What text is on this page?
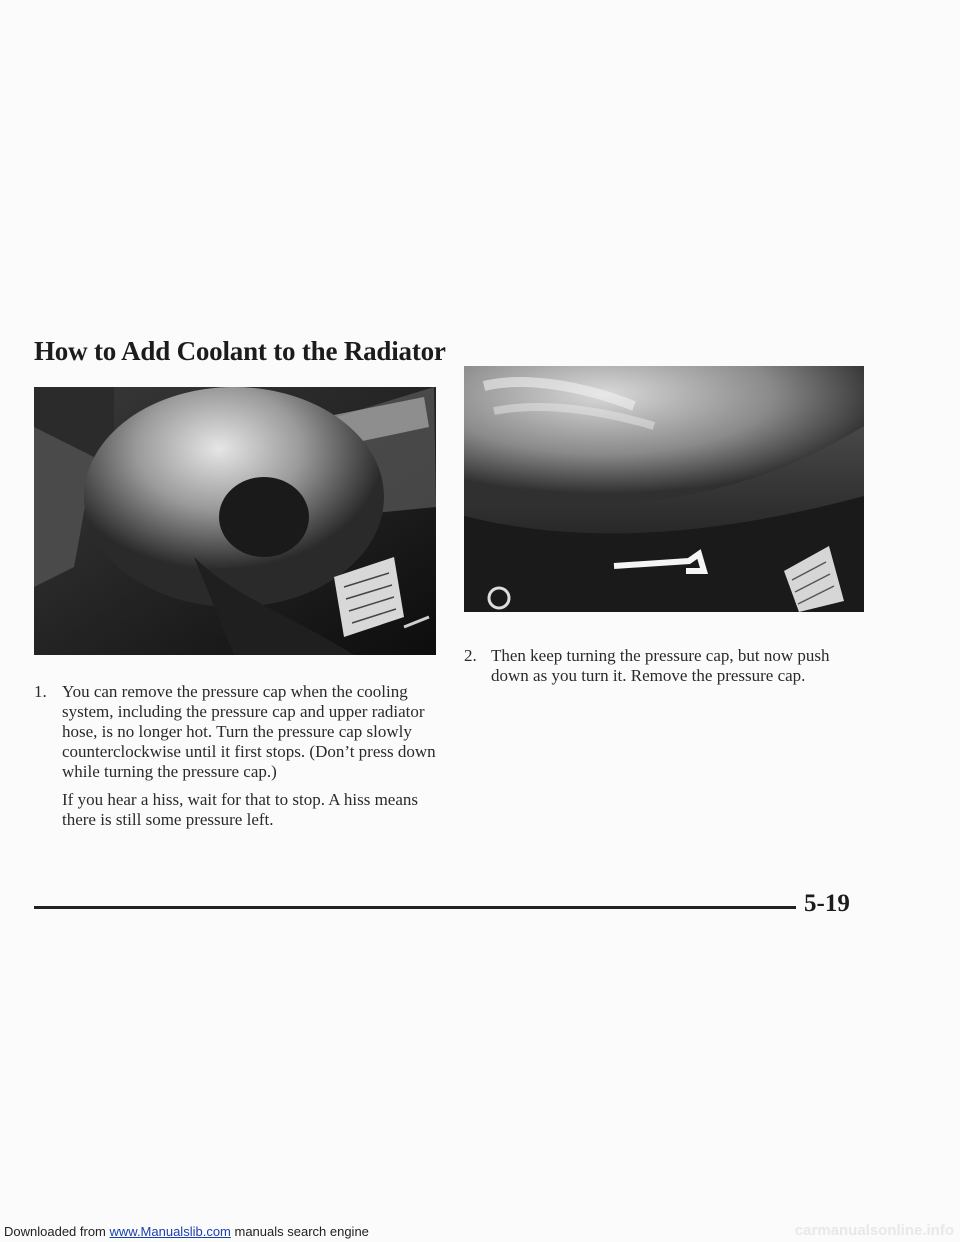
How to Add Coolant to the Radiator
1. You can remove the pressure cap when the cooling system, including the pressure cap and upper radiator hose, is no longer hot. Turn the pressure cap slowly counterclockwise until it first stops. (Don’t press down while turning the pressure cap.)

If you hear a hiss, wait for that to stop. A hiss means there is still some pressure left.

2. Then keep turning the pressure cap, but now push down as you turn it. Remove the pressure cap.

5-19

Downloaded from www.Manualslib.com manuals search engine	carmanualsonline.info
